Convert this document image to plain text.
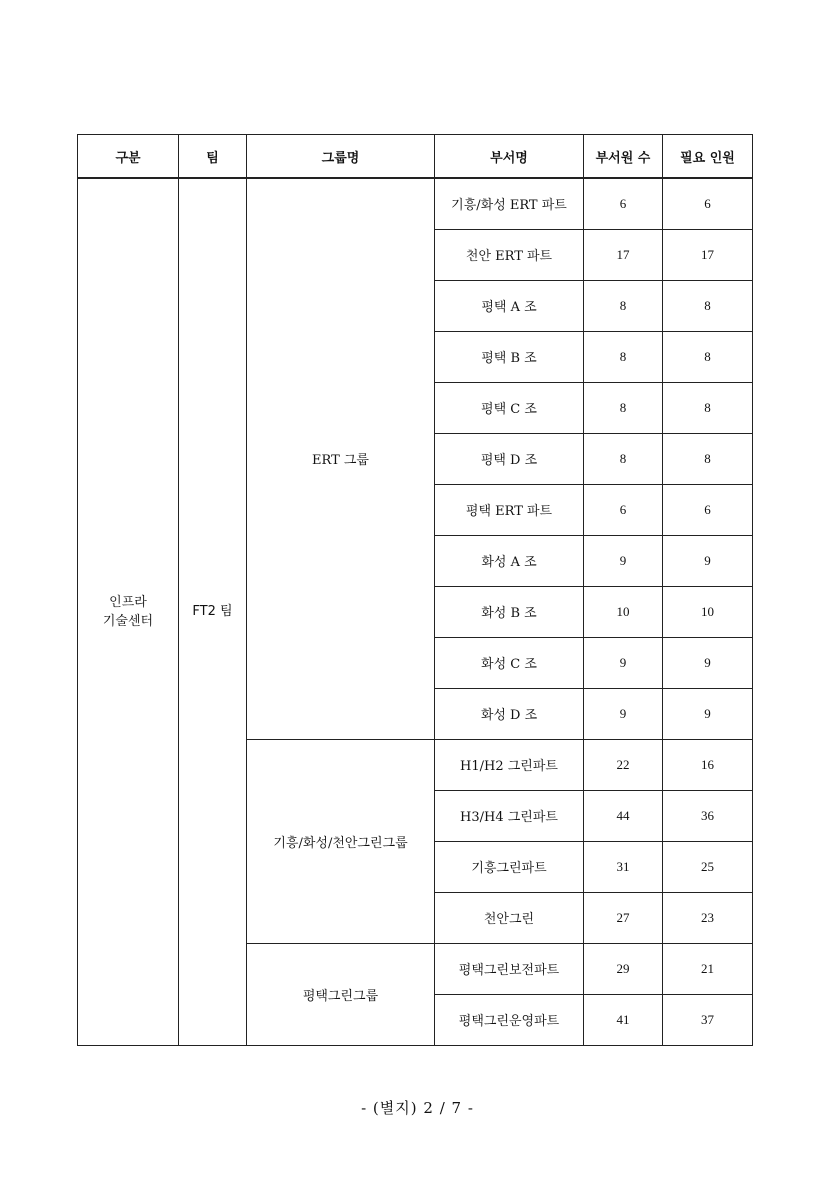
구분	팀	그룹명	부서명	부서원 수	필요 인원

인프라
기술센터	FT2 팀	ERT 그룹	기흥/화성 ERT 파트	6	6
			천안 ERT 파트	17	17
			평택 A 조	8	8
			평택 B 조	8	8
			평택 C 조	8	8
			평택 D 조	8	8
			평택 ERT 파트	6	6
			화성 A 조	9	9
			화성 B 조	10	10
			화성 C 조	9	9
			화성 D 조	9	9
		기흥/화성/천안그린그룹	H1/H2 그린파트	22	16
			H3/H4 그린파트	44	36
			기흥그린파트	31	25
			천안그린	27	23
		평택그린그룹	평택그린보전파트	29	21
			평택그린운영파트	41	37
- (별지) 2 / 7 -
